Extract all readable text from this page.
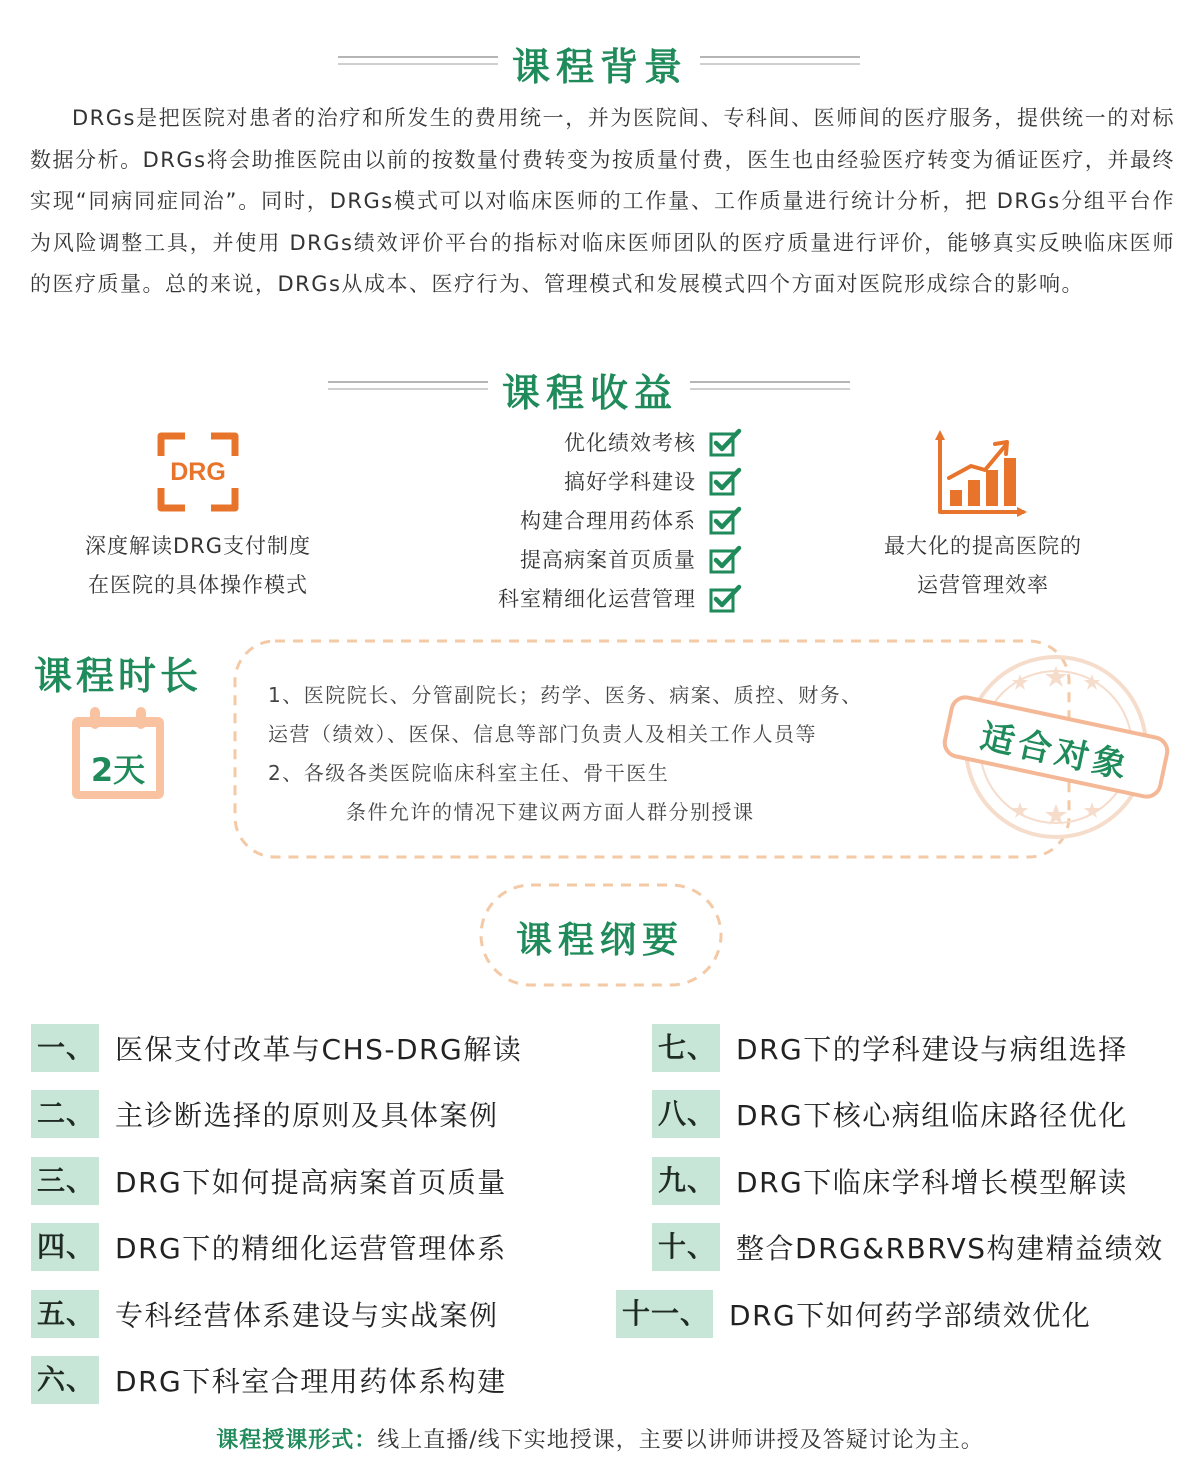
课程背景
DRGs是把医院对患者的治疗和所发生的费用统一，并为医院间、专科间、医师间的医疗服务，提供统一的对标数据分析。DRGs将会助推医院由以前的按数量付费转变为按质量付费，医生也由经验医疗转变为循证医疗，并最终实现“同病同症同治”。同时，DRGs模式可以对临床医师的工作量、工作质量进行统计分析，把 DRGs分组平台作为风险调整工具，并使用 DRGs绩效评价平台的指标对临床医师团队的医疗质量进行评价，能够真实反映临床医师的医疗质量。总的来说，DRGs从成本、医疗行为、管理模式和发展模式四个方面对医院形成综合的影响。
课程收益
DRG
深度解读DRG支付制度
在医院的具体操作模式
优化绩效考核
搞好学科建设
构建合理用药体系
提高病案首页质量
科室精细化运营管理
最大化的提高医院的
运营管理效率
课程时长
2天
1、医院院长、分管副院长；药学、医务、病案、质控、财务、
运营（绩效）、医保、信息等部门负责人及相关工作人员等
2、各级各类医院临床科室主任、骨干医生
条件允许的情况下建议两方面人群分别授课
适合对象
课程纲要
一、 医保支付改革与CHS-DRG解读
二、 主诊断选择的原则及具体案例
三、 DRG下如何提高病案首页质量
四、 DRG下的精细化运营管理体系
五、 专科经营体系建设与实战案例
六、 DRG下科室合理用药体系构建
七、 DRG下的学科建设与病组选择
八、 DRG下核心病组临床路径优化
九、 DRG下临床学科增长模型解读
十、 整合DRG&RBRVS构建精益绩效
十一、 DRG下如何药学部绩效优化
课程授课形式：线上直播/线下实地授课，主要以讲师讲授及答疑讨论为主。
